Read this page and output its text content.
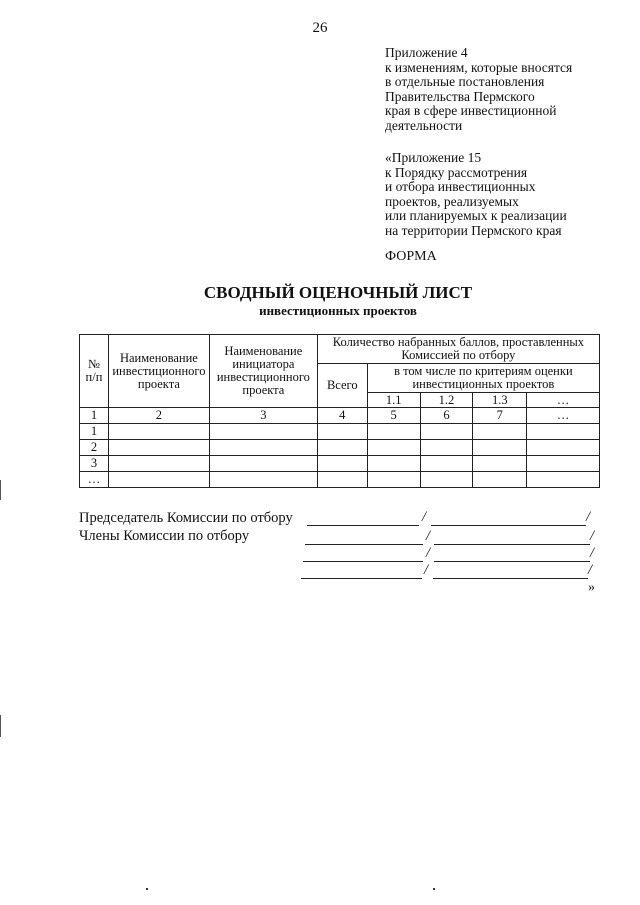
26
Приложение 4
к изменениям, которые вносятся
в отдельные постановления
Правительства Пермского
края в сфере инвестиционной
деятельности
«Приложение 15
к Порядку рассмотрения
и отбора инвестиционных
проектов, реализуемых
или планируемых к реализации
на территории Пермского края
ФОРМА
СВОДНЫЙ ОЦЕНОЧНЫЙ ЛИСТ
инвестиционных проектов
№ п/п	Наименование инвестиционного проекта	Наименование инициатора инвестиционного проекта	Количество набранных баллов, проставленных Комиссией по отбору				
			Всего	в том числе по критериям оценки инвестиционных проектов			
				1.1	1.2	1.3	…
1	2	3	4	5	6	7	…
1							
2							
3							
…							
Председатель Комиссии по отбору	/	/
Члены Комиссии по отбору	/	/
/	/
/	/
»
